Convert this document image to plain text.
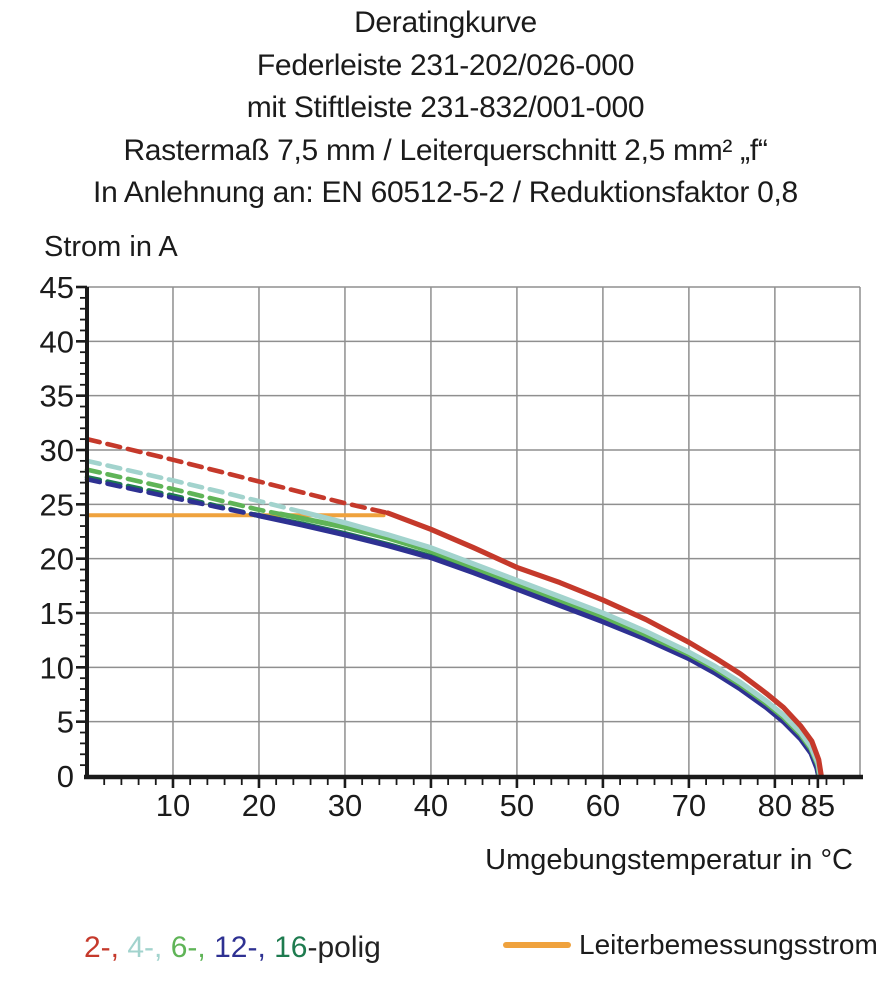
Deratingkurve
Federleiste 231-202/026-000
mit Stiftleiste 231-832/001-000
Rastermaß 7,5 mm / Leiterquerschnitt 2,5 mm² „f“
In Anlehnung an: EN 60512-5-2 / Reduktionsfaktor 0,8
Strom in A
0
5
10
15
20
25
30
35
40
45
10 20 30 40 50 60 70 80 85
Umgebungstemperatur in °C
2-, 4-, 6-, 12-, 16-polig	Leiterbemessungsstrom
